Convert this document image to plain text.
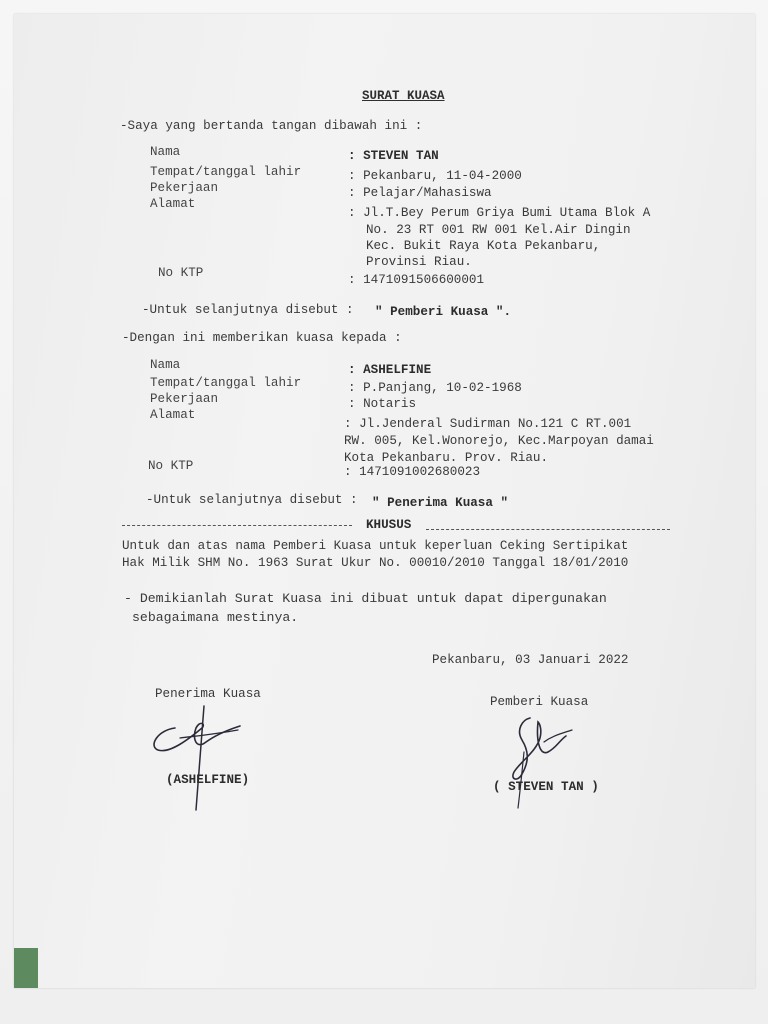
SURAT KUASA
-Saya yang bertanda tangan dibawah ini :
Nama	: STEVEN TAN
Tempat/tanggal lahir	: Pekanbaru, 11-04-2000
Pekerjaan	: Pelajar/Mahasiswa
Alamat
: Jl.T.Bey Perum Griya Bumi Utama Blok A
No. 23 RT 001 RW 001 Kel.Air Dingin
Kec. Bukit Raya Kota Pekanbaru,
Provinsi Riau.
No KTP	: 1471091506600001
-Untuk selanjutnya disebut : " Pemberi Kuasa ".
-Dengan ini memberikan kuasa kepada :
Nama	: ASHELFINE
Tempat/tanggal lahir	: P.Panjang, 10-02-1968
Pekerjaan	: Notaris
Alamat
: Jl.Jenderal Sudirman No.121 C RT.001
RW. 005, Kel.Wonorejo, Kec.Marpoyan damai
Kota Pekanbaru. Prov. Riau.
No KTP	: 1471091002680023
-Untuk selanjutnya disebut : " Penerima Kuasa "
KHUSUS
Untuk dan atas nama Pemberi Kuasa untuk keperluan Ceking Sertipikat
Hak Milik SHM No. 1963 Surat Ukur No. 00010/2010 Tanggal 18/01/2010
- Demikianlah Surat Kuasa ini dibuat untuk dapat dipergunakan
sebagaimana mestinya.
Pekanbaru, 03 Januari 2022
Penerima Kuasa
Pemberi Kuasa
(ASHELFINE)	( STEVEN TAN )
